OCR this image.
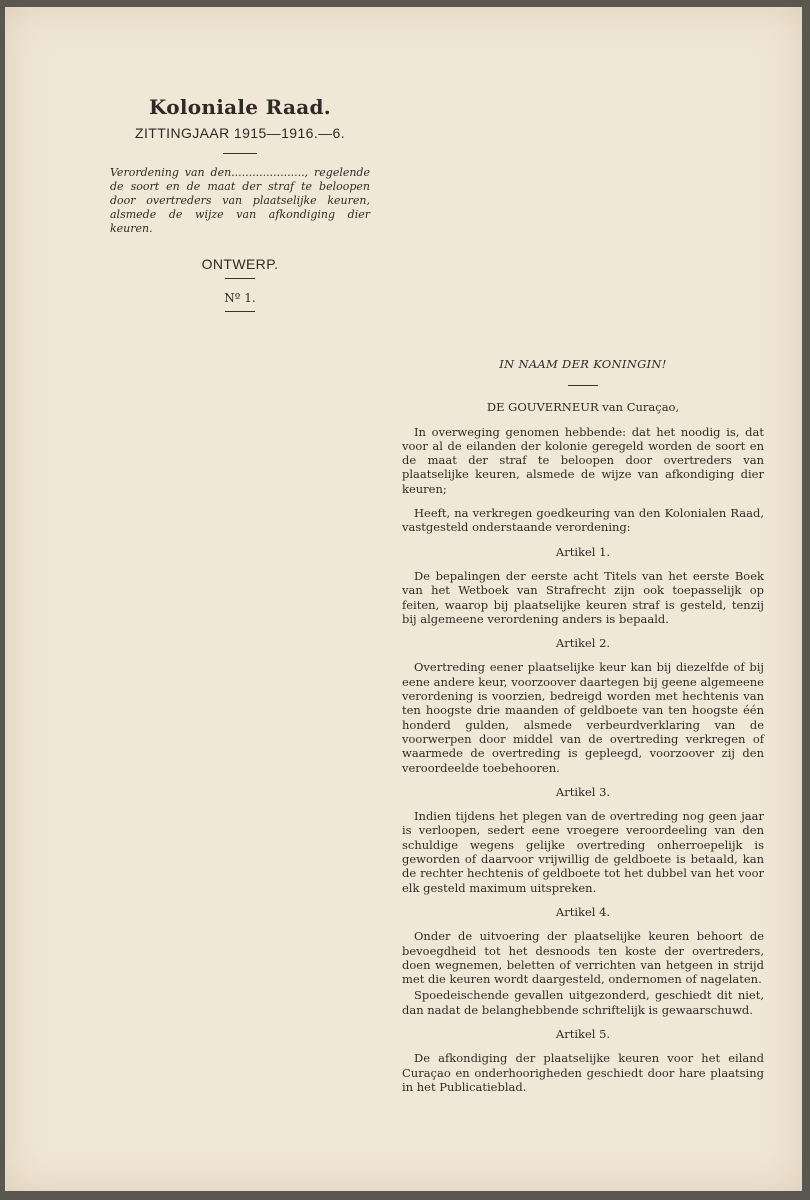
Koloniale Raad.
ZITTINGJAAR 1915—1916.—6.

Verordening van den....................., regelende de soort en de maat der straf te beloopen door overtreders van plaatselijke keuren, alsmede de wijze van afkondiging dier keuren.

ONTWERP.
Nº 1.

IN NAAM DER KONINGIN!

DE GOUVERNEUR van Curaçao,

In overweging genomen hebbende: dat het noodig is, dat voor al de eilanden der kolonie geregeld worden de soort en de maat der straf te beloopen door overtreders van plaatselijke keuren, alsmede de wijze van afkondiging dier keuren;

Heeft, na verkregen goedkeuring van den Kolonialen Raad, vastgesteld onderstaande verordening:

Artikel 1.

De bepalingen der eerste acht Titels van het eerste Boek van het Wetboek van Strafrecht zijn ook toepasselijk op feiten, waarop bij plaatselijke keuren straf is gesteld, tenzij bij algemeene verordening anders is bepaald.

Artikel 2.

Overtreding eener plaatselijke keur kan bij diezelfde of bij eene andere keur, voorzoover daartegen bij geene algemeene verordening is voorzien, bedreigd worden met hechtenis van ten hoogste drie maanden of geldboete van ten hoogste één honderd gulden, alsmede verbeurdverklaring van de voorwerpen door middel van de overtreding verkregen of waarmede de overtreding is gepleegd, voorzoover zij den veroordeelde toebehooren.

Artikel 3.

Indien tijdens het plegen van de overtreding nog geen jaar is verloopen, sedert eene vroegere veroordeeling van den schuldige wegens gelijke overtreding onherroepelijk is geworden of daarvoor vrijwillig de geldboete is betaald, kan de rechter hechtenis of geldboete tot het dubbel van het voor elk gesteld maximum uitspreken.

Artikel 4.

Onder de uitvoering der plaatselijke keuren behoort de bevoegdheid tot het desnoods ten koste der overtreders, doen wegnemen, beletten of verrichten van hetgeen in strijd met die keuren wordt daargesteld, ondernomen of nagelaten.

Spoedeischende gevallen uitgezonderd, geschiedt dit niet, dan nadat de belanghebbende schriftelijk is gewaarschuwd.

Artikel 5.

De afkondiging der plaatselijke keuren voor het eiland Curaçao en onderhoorigheden geschiedt door hare plaatsing in het Publicatieblad.
